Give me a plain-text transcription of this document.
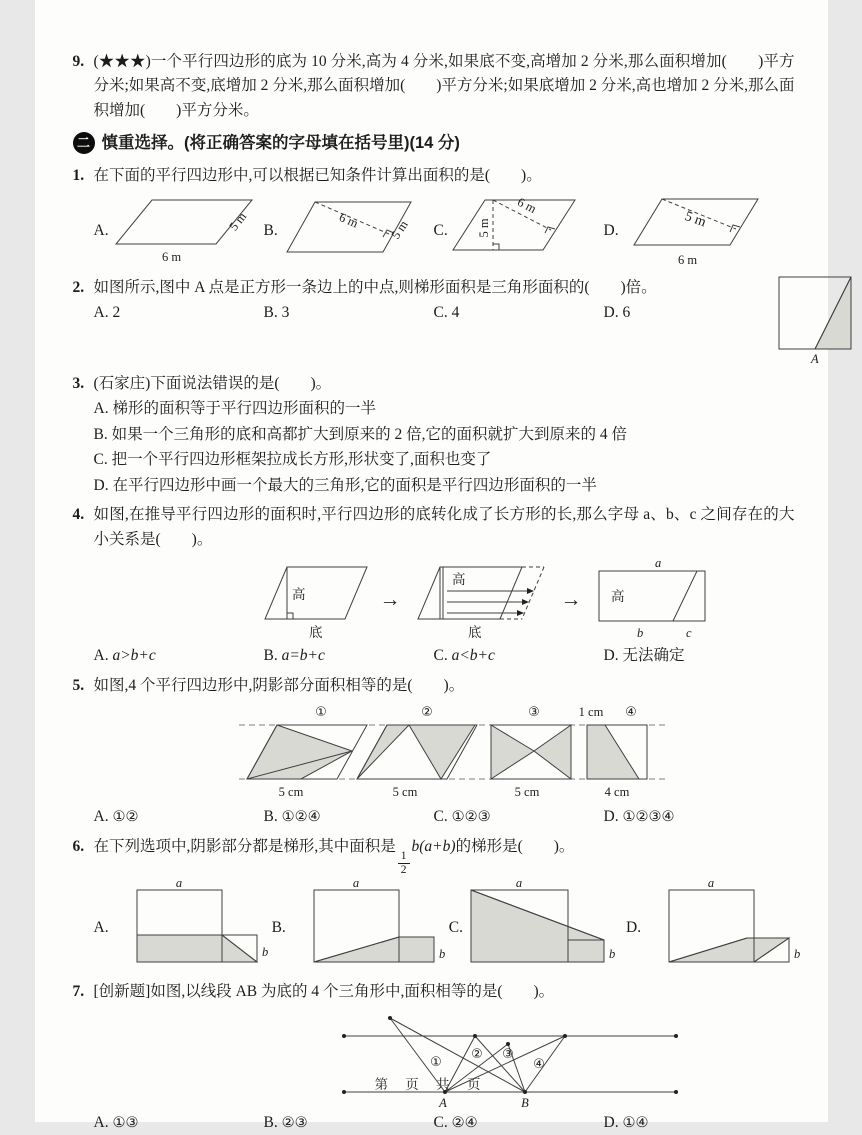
9. (★★★)一个平行四边形的底为 10 分米,高为 4 分米,如果底不变,高增加 2 分米,那么面积增加(　　)平方分米;如果高不变,底增加 2 分米,那么面积增加(　　)平方分米;如果底增加 2 分米,高也增加 2 分米,那么面积增加(　　)平方分米。
二 慎重选择。(将正确答案的字母填在括号里)(14 分)
1. 在下面的平行四边形中,可以根据已知条件计算出面积的是(　　)。
A.
6 m
5 m B.	6 m 5 m C. 5 m
6 m
D.	5 m
6 m
2. 如图所示,图中 A 点是正方形一条边上的中点,则梯形面积是三角形面积的(　　)倍。
A. 2	B. 3	C. 4	D. 6
A
3. (石家庄)下面说法错误的是(　　)。
A. 梯形的面积等于平行四边形面积的一半
B. 如果一个三角形的底和高都扩大到原来的 2 倍,它的面积就扩大到原来的 4 倍
C. 把一个平行四边形框架拉成长方形,形状变了,面积也变了
D. 在平行四边形中画一个最大的三角形,它的面积是平行四边形面积的一半
4. 如图,在推导平行四边形的面积时,平行四边形的底转化成了长方形的长,那么字母 a、b、c 之间存在的大小关系是(　　)。
高
底
→
高
底
→
a
高
b	c
A. a>b+c	B. a=b+c	C. a<b+c	D. 无法确定
5. 如图,4 个平行四边形中,阴影部分面积相等的是(　　)。
①	②	③	1 cm ④
5 cm	5 cm	5 cm	4 cm
A. ①②	B. ①②④	C. ①②③	D. ①②③④
6. 在下列选项中,阴影部分都是梯形,其中面积是
$\frac{1}{2}$
b(a+b)的梯形是(　　)。
A.
a
b
B.
a
b
C.
a
b
D.
a
b
7. [创新题]如图,以线段 AB 为底的 4 个三角形中,面积相等的是(　　)。
①
② ③
④
A	B
A. ①③	B. ②③	C. ②④	D. ①④
第 页 共 页
